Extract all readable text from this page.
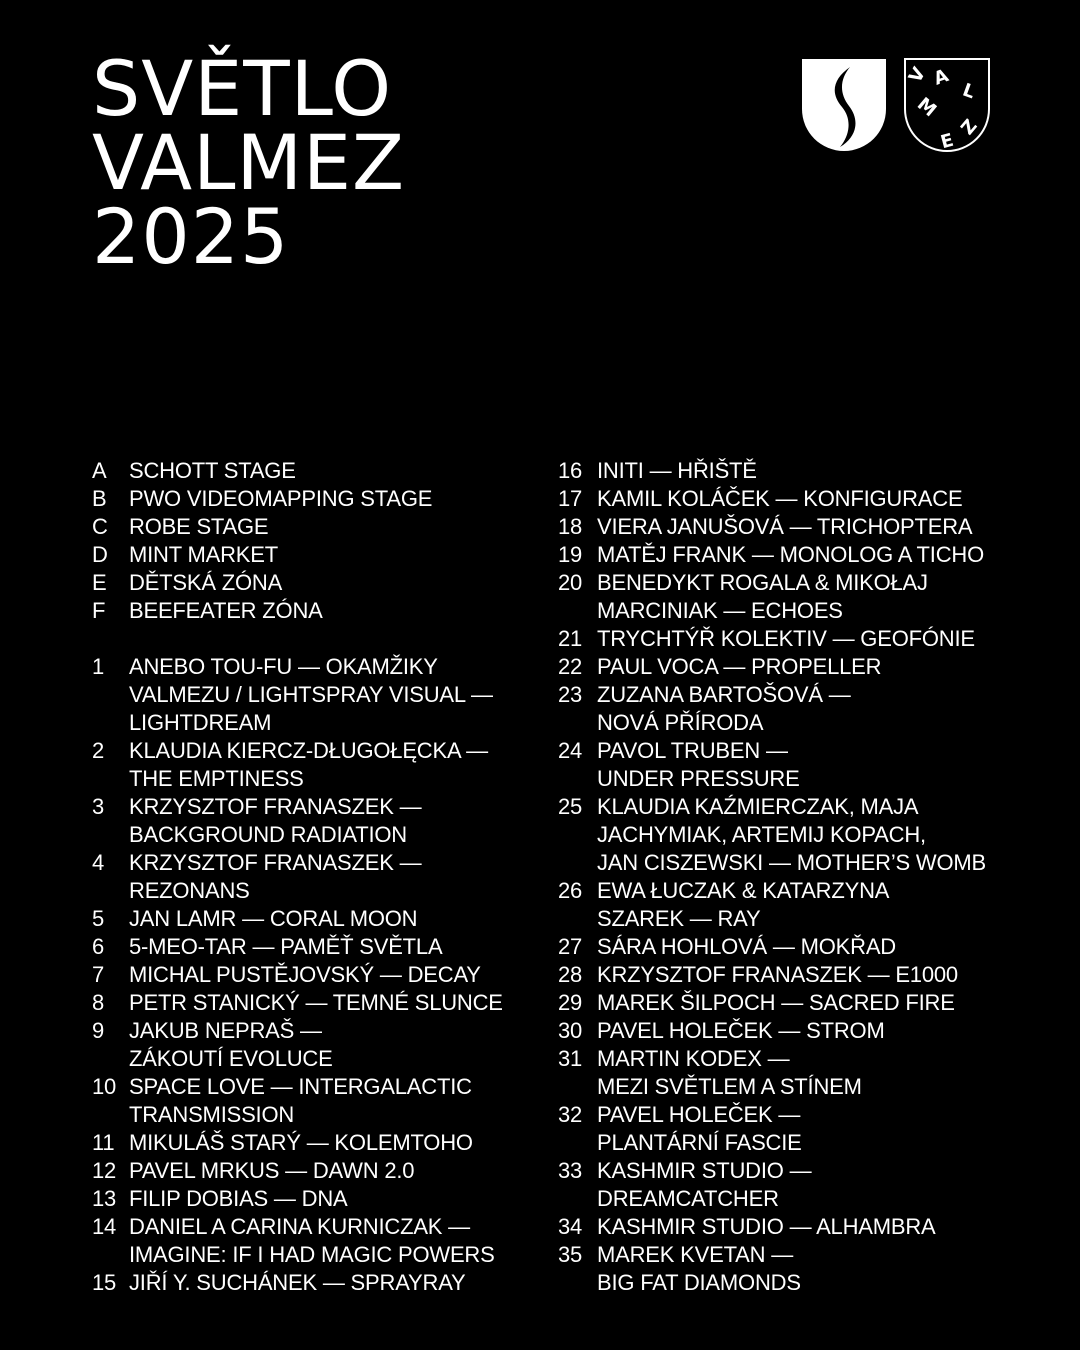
SVĚTLO
VALMEZ
2025
V A
L
M
E
Z
A	SCHOTT STAGE
B	PWO VIDEOMAPPING STAGE
C ROBE STAGE
D MINT MARKET
E	DĚTSKÁ ZÓNA
F	BEEFEATER ZÓNA
1	ANEBO TOU-FU — OKAMŽIKY
VALMEZU / LIGHTSPRAY VISUAL —
LIGHTDREAM
2	KLAUDIA KIERCZ-DŁUGOŁĘCKA —
THE EMPTINESS
3	KRZYSZTOF FRANASZEK —
BACKGROUND RADIATION
4	KRZYSZTOF FRANASZEK —
REZONANS
5	JAN LAMR — CORAL MOON
6	5-MEO-TAR — PAMĚŤ SVĚTLA
7	MICHAL PUSTĚJOVSKÝ — DECAY
8	PETR STANICKÝ — TEMNÉ SLUNCE
9	JAKUB NEPRAŠ —
ZÁKOUTÍ EVOLUCE
10 SPACE LOVE — INTERGALACTIC
TRANSMISSION
11 MIKULÁŠ STARÝ — KOLEMTOHO
12 PAVEL MRKUS — DAWN 2.0
13 FILIP DOBIAS — DNA
14 DANIEL A CARINA KURNICZAK —
IMAGINE: IF I HAD MAGIC POWERS
15 JIŘÍ Y. SUCHÁNEK — SPRAYRAY
16 INITI — HŘIŠTĚ
17 KAMIL KOLÁČEK — KONFIGURACE
18 VIERA JANUŠOVÁ — TRICHOPTERA
19 MATĚJ FRANK — MONOLOG A TICHO
20 BENEDYKT ROGALA & MIKOŁAJ
MARCINIAK — ECHOES
21 TRYCHTÝŘ KOLEKTIV — GEOFÓNIE
22 PAUL VOCA — PROPELLER
23 ZUZANA BARTOŠOVÁ —
NOVÁ PŘÍRODA
24 PAVOL TRUBEN —
UNDER PRESSURE
25 KLAUDIA KAŹMIERCZAK, MAJA
JACHYMIAK, ARTEMIJ KOPACH,
JAN CISZEWSKI — MOTHER’S WOMB
26 EWA ŁUCZAK & KATARZYNA
SZAREK — RAY
27 SÁRA HOHLOVÁ — MOKŘAD
28 KRZYSZTOF FRANASZEK — E1000
29 MAREK ŠILPOCH — SACRED FIRE
30 PAVEL HOLEČEK — STROM
31 MARTIN KODEX —
MEZI SVĚTLEM A STÍNEM
32 PAVEL HOLEČEK —
PLANTÁRNÍ FASCIE
33 KASHMIR STUDIO —
DREAMCATCHER
34 KASHMIR STUDIO — ALHAMBRA
35 MAREK KVETAN —
BIG FAT DIAMONDS
